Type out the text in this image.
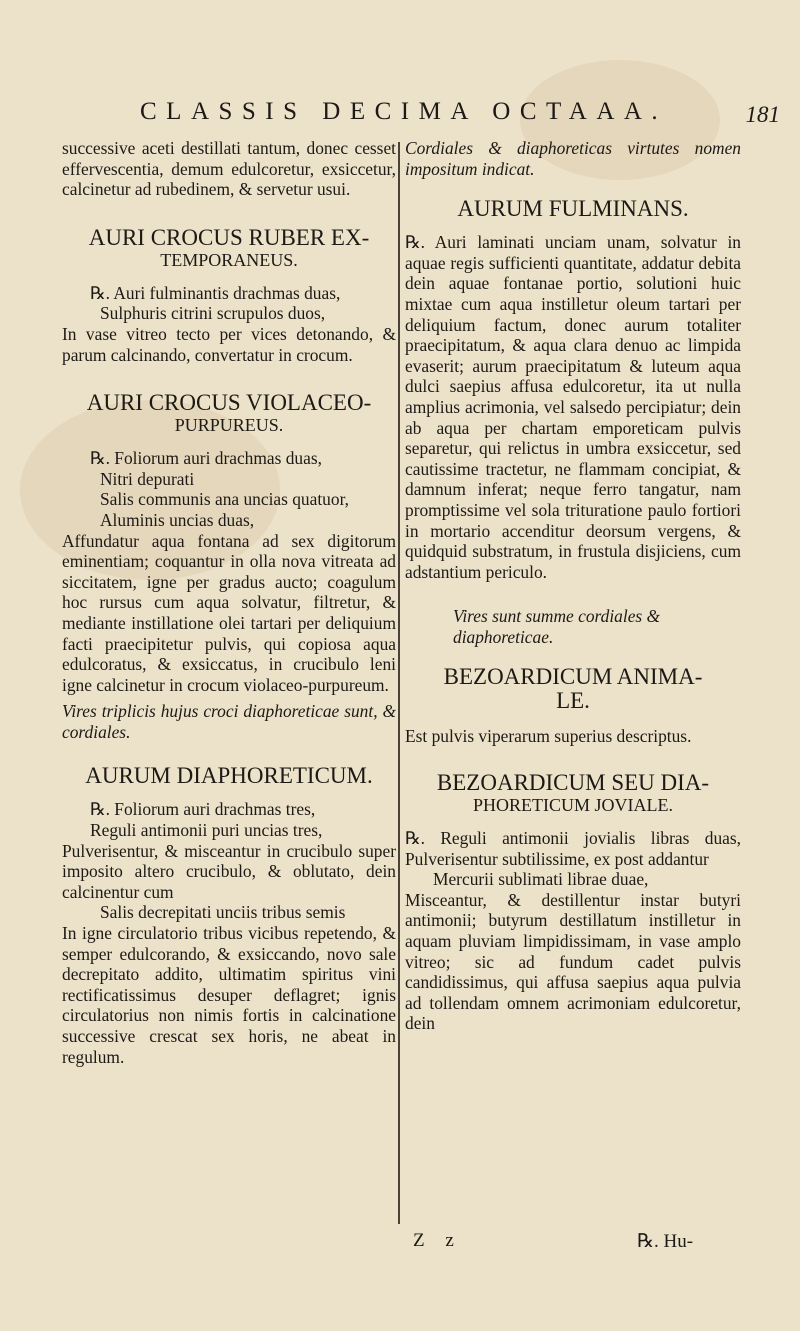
CLASSIS DECIMA OCTAAA.	181

successive aceti destillati tantum, donec cesset effervescentia, demum edulcoretur, exsiccetur, calcinetur ad rubedinem, & servetur usui.

AURI CROCUS RUBER EX-
TEMPORANEUS.

℞. Auri fulminantis drachmas duas,

Sulphuris citrini scrupulos duos,

In vase vitreo tecto per vices detonando, & parum calcinando, convertatur in crocum.

AURI CROCUS VIOLACEO-
PURPUREUS.

℞. Foliorum auri drachmas duas,

Nitri depurati

Salis communis ana uncias quatuor,

Aluminis uncias duas,

Affundatur aqua fontana ad sex digitorum eminentiam; coquantur in olla nova vitreata ad siccitatem, igne per gradus aucto; coagulum hoc rursus cum aqua solvatur, filtretur, & mediante instillatione olei tartari per deliquium facti praecipitetur pulvis, qui copiosa aqua edulcoratus, & exsiccatus, in crucibulo leni igne calcinetur in crocum violaceo-purpureum.

Vires triplicis hujus croci diaphoreticae sunt, & cordiales.

AURUM DIAPHORETICUM.

℞. Foliorum auri drachmas tres,

Reguli antimonii puri uncias tres,

Pulverisentur, & misceantur in crucibulo super imposito altero crucibulo, & oblutato, dein calcinentur cum

Salis decrepitati unciis tribus semis

In igne circulatorio tribus vicibus repetendo, & semper edulcorando, & exsiccando, novo sale decrepitato addito, ultimatim spiritus vini rectificatissimus desuper deflagret; ignis circulatorius non nimis fortis in calcinatione successive crescat sex horis, ne abeat in regulum.

Cordiales & diaphoreticas virtutes nomen impositum indicat.

AURUM FULMINANS.

℞. Auri laminati unciam unam, solvatur in aquae regis sufficienti quantitate, addatur debita dein aquae fontanae portio, solutioni huic mixtae cum aqua instilletur oleum tartari per deliquium factum, donec aurum totaliter praecipitatum, & aqua clara denuo ac limpida evaserit; aurum praecipitatum & luteum aqua dulci saepius affusa edulcoretur, ita ut nulla amplius acrimonia, vel salsedo percipiatur; dein ab aqua per chartam emporeticam pulvis separetur, qui relictus in umbra exsiccetur, sed cautissime tractetur, ne flammam concipiat, & damnum inferat; neque ferro tangatur, nam promptissime vel sola trituratione paulo fortiori in mortario accenditur deorsum vergens, & quidquid substratum, in frustula disjiciens, cum adstantium periculo.

Vires sunt summe cordiales & diaphoreticae.

BEZOARDICUM ANIMA-
LE.

Est pulvis viperarum superius descriptus.

BEZOARDICUM SEU DIA-
PHORETICUM JOVIALE.

℞. Reguli antimonii jovialis libras duas, Pulverisentur subtilissime, ex post addantur

Mercurii sublimati librae duae,

Misceantur, & destillentur instar butyri antimonii; butyrum destillatum instilletur in aquam pluviam limpidissimam, in vase amplo vitreo; sic ad fundum cadet pulvis candidissimus, qui affusa saepius aqua pulvia ad tollendam omnem acrimoniam edulcoretur, dein

Z z	℞. Hu-
